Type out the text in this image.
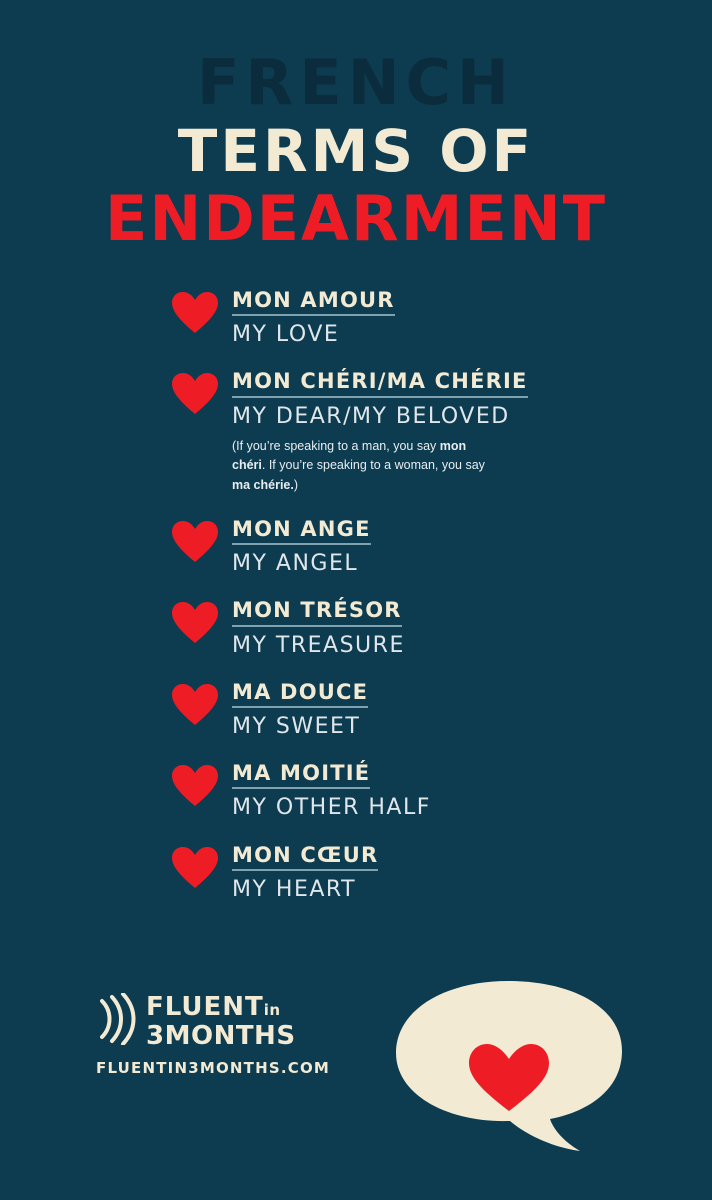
FRENCH
TERMS OF
ENDEARMENT
MON AMOUR
MY LOVE
MON CHÉRI/MA CHÉRIE
MY DEAR/MY BELOVED
(If you’re speaking to a man, you say mon chéri. If you’re speaking to a woman, you say ma chérie.)
MON ANGE
MY ANGEL
MON TRÉSOR
MY TREASURE
MA DOUCE
MY SWEET
MA MOITIÉ
MY OTHER HALF
MON CŒUR
MY HEART
FLUENTin
3MONTHS
FLUENTIN3MONTHS.COM
